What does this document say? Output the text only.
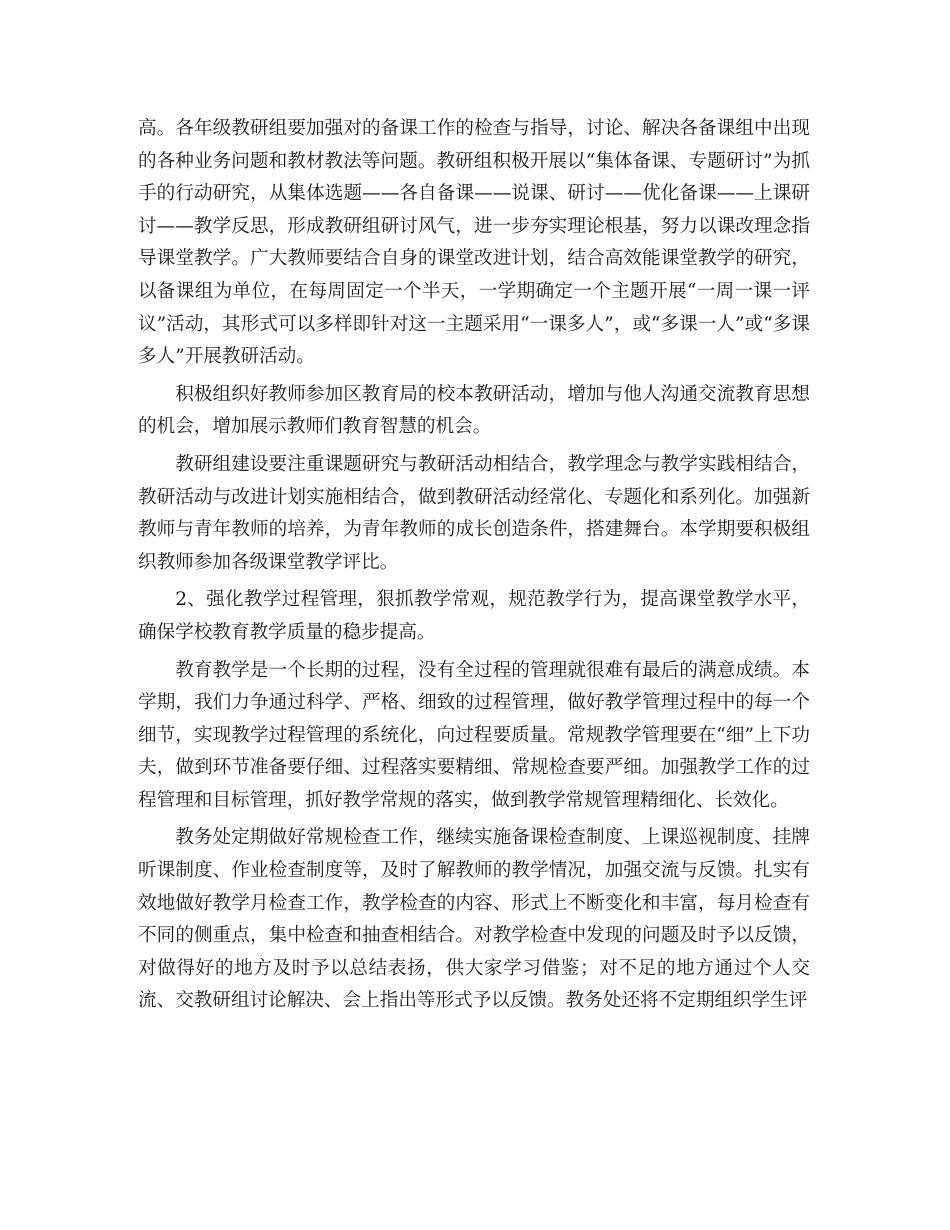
高。各年级教研组要加强对的备课工作的检查与指导，讨论、解决各备课组中出现的各种业务问题和教材教法等问题。教研组积极开展以“集体备课、专题研讨”为抓手的行动研究，从集体选题——各自备课——说课、研讨——优化备课——上课研讨——教学反思，形成教研组研讨风气，进一步夯实理论根基，努力以课改理念指导课堂教学。广大教师要结合自身的课堂改进计划，结合高效能课堂教学的研究，以备课组为单位，在每周固定一个半天，一学期确定一个主题开展“一周一课一评议”活动，其形式可以多样即针对这一主题采用“一课多人”，或“多课一人”或“多课多人”开展教研活动。

积极组织好教师参加区教育局的校本教研活动，增加与他人沟通交流教育思想的机会，增加展示教师们教育智慧的机会。

教研组建设要注重课题研究与教研活动相结合，教学理念与教学实践相结合，教研活动与改进计划实施相结合，做到教研活动经常化、专题化和系列化。加强新教师与青年教师的培养，为青年教师的成长创造条件，搭建舞台。本学期要积极组织教师参加各级课堂教学评比。

2、强化教学过程管理，狠抓教学常观，规范教学行为，提高课堂教学水平，确保学校教育教学质量的稳步提高。

教育教学是一个长期的过程，没有全过程的管理就很难有最后的满意成绩。本学期，我们力争通过科学、严格、细致的过程管理，做好教学管理过程中的每一个细节，实现教学过程管理的系统化，向过程要质量。常规教学管理要在“细”上下功夫，做到环节准备要仔细、过程落实要精细、常规检查要严细。加强教学工作的过程管理和目标管理，抓好教学常规的落实，做到教学常规管理精细化、长效化。

教务处定期做好常规检查工作，继续实施备课检查制度、上课巡视制度、挂牌听课制度、作业检查制度等，及时了解教师的教学情况，加强交流与反馈。扎实有效地做好教学月检查工作，教学检查的内容、形式上不断变化和丰富，每月检查有不同的侧重点，集中检查和抽查相结合。对教学检查中发现的问题及时予以反馈，对做得好的地方及时予以总结表扬，供大家学习借鉴；对不足的地方通过个人交流、交教研组讨论解决、会上指出等形式予以反馈。教务处还将不定期组织学生评
